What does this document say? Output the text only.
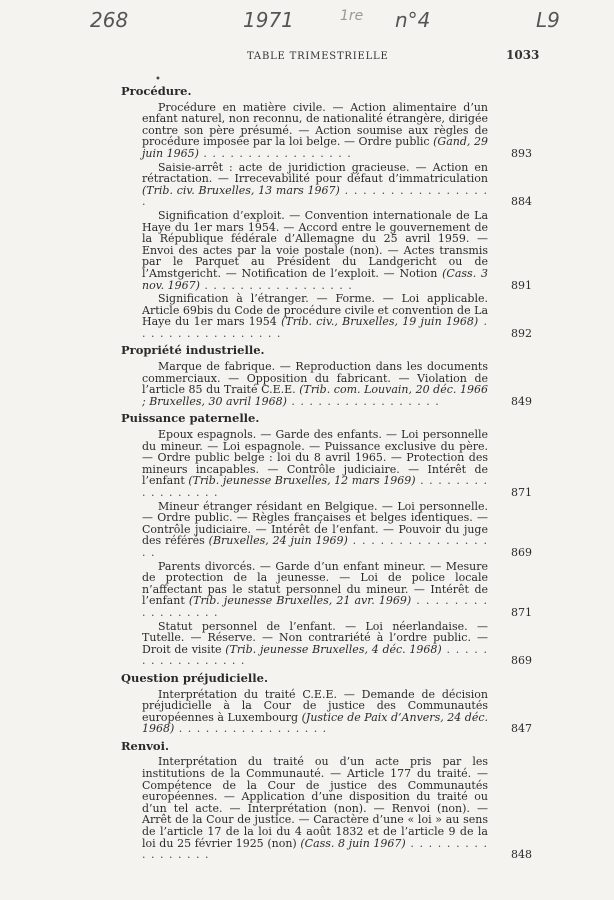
268	1971	1re n°4	L9
TABLE TRIMESTRIELLE	1033
•
Procédure.
Procédure en matière civile. — Action alimentaire d’un enfant naturel, non reconnu, de nationalité étrangère, dirigée contre son père présumé. — Action soumise aux règles de procédure imposée par la loi belge. — Ordre public (Gand, 29 juin 1965) . . . . . . . . . . . . . . . . .	893
Saisie-arrêt : acte de juridiction gracieuse. — Action en rétractation. — Irrecevabilité pour défaut d’immatriculation (Trib. civ. Bruxelles, 13 mars 1967) . . . . . . . . . . . . . . . . .	884
Signification d’exploit. — Convention internationale de La Haye du 1er mars 1954. — Accord entre le gouvernement de la République fédérale d’Allemagne du 25 avril 1959. — Envoi des actes par la voie postale (non). — Actes transmis par le Parquet au Président du Landgericht ou de l’Amstgericht. — Notification de l’exploit. — Notion (Cass. 3 nov. 1967) . . . . . . . . . . . . . . . . .	891
Signification à l’étranger. — Forme. — Loi applicable. Article 69bis du Code de procédure civile et convention de La Haye du 1er mars 1954 (Trib. civ., Bruxelles, 19 juin 1968) . . . . . . . . . . . . . . . . .	892
Propriété industrielle.
Marque de fabrique. — Reproduction dans les documents commerciaux. — Opposition du fabricant. — Violation de l’article 85 du Traité C.E.E. (Trib. com. Louvain, 20 déc. 1966 ; Bruxelles, 30 avril 1968) . . . . . . . . . . . . . . . . .	849
Puissance paternelle.
Epoux espagnols. — Garde des enfants. — Loi personnelle du mineur. — Loi espagnole. — Puissance exclusive du père. — Ordre public belge : loi du 8 avril 1965. — Protection des mineurs incapables. — Contrôle judiciaire. — Intérêt de l’enfant (Trib. jeunesse Bruxelles, 12 mars 1969) . . . . . . . . . . . . . . . . .	871
Mineur étranger résidant en Belgique. — Loi personnelle. — Ordre public. — Règles françaises et belges identiques. — Contrôle judiciaire. — Intérêt de l’enfant. — Pouvoir du juge des référés (Bruxelles, 24 juin 1969) . . . . . . . . . . . . . . . . .	869
Parents divorcés. — Garde d’un enfant mineur. — Mesure de protection de la jeunesse. — Loi de police locale n’affectant pas le statut personnel du mineur. — Intérêt de l’enfant (Trib. jeunesse Bruxelles, 21 avr. 1969) . . . . . . . . . . . . . . . . .	871
Statut personnel de l’enfant. — Loi néerlandaise. — Tutelle. — Réserve. — Non contrariété à l’ordre public. — Droit de visite (Trib. jeunesse Bruxelles, 4 déc. 1968) . . . . . . . . . . . . . . . . .	869
Question préjudicielle.
Interprétation du traité C.E.E. — Demande de décision préjudicielle à la Cour de justice des Communautés européennes à Luxembourg (Justice de Paix d’Anvers, 24 déc. 1968) . . . . . . . . . . . . . . . . .	847
Renvoi.
Interprétation du traité ou d’un acte pris par les institutions de la Communauté. — Article 177 du traité. — Compétence de la Cour de justice des Communautés européennes. — Application d’une disposition du traité ou d’un tel acte. — Interprétation (non). — Renvoi (non). — Arrêt de la Cour de justice. — Caractère d’une « loi » au sens de l’article 17 de la loi du 4 août 1832 et de l’article 9 de la loi du 25 février 1925 (non) (Cass. 8 juin 1967) . . . . . . . . . . . . . . . . .	848
